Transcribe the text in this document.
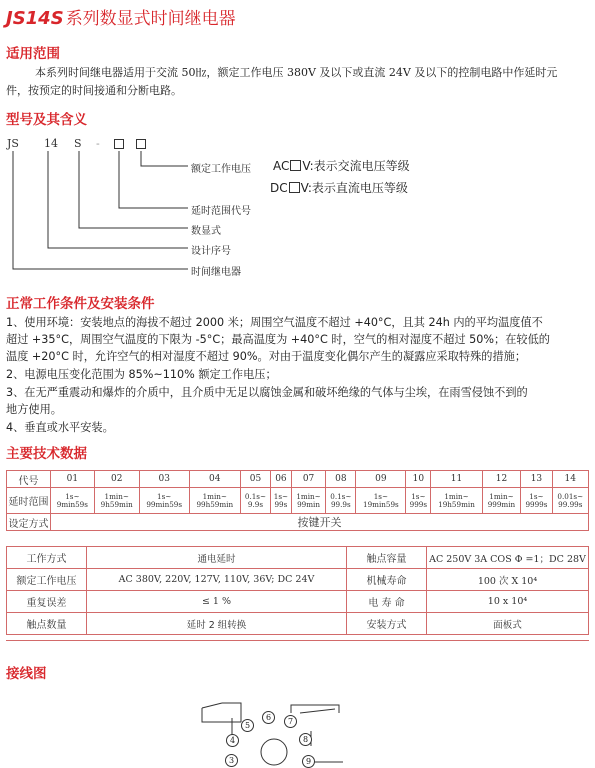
JS14S 系列数显式时间继电器
适用范围
本系列时间继电器适用于交流 50㎐，额定工作电压 380V 及以下或直流 24V 及以下的控制电路中作延时元
件，按预定的时间接通和分断电路。
型号及其含义
JS 14 S -
额定工作电压 AC V:表示交流电压等级
DC V:表示直流电压等级
延时范围代号
数显式
设计序号
时间继电器
正常工作条件及安装条件
1、使用环境：安装地点的海拔不超过 2000 米；周围空气温度不超过 +40°C，且其 24h 内的平均温度值不
超过 +35°C，周围空气温度的下限为 -5°C；最高温度为 +40°C 时，空气的相对湿度不超过 50%；在较低的
温度 +20°C 时，允许空气的相对湿度不超过 90%。对由于温度变化偶尔产生的凝露应采取特殊的措施；
2、电源电压变化范围为 85%~110% 额定工作电压；
3、在无严重震动和爆炸的介质中，且介质中无足以腐蚀金属和破坏绝缘的气体与尘埃，在雨雪侵蚀不到的
地方使用。
4、垂直或水平安装。
主要技术数据
代号	01	02	03	04	05	06	07	08	09	10	11	12	13	14
延时范围	1s~
9min59s	1min~
9h59min	1s~
99min59s	1min~
99h59min	0.1s~
9.9s	1s~
99s	1min~
99min	0.1s~
99.9s	1s~
19min59s	1s~
999s	1min~
19h59min	1min~
999min	1s~
9999s	0.01s~
99.99s

设定方式	按键开关													
工作方式	通电延时	触点容量	AC 250V 3A COS Φ =1；DC 28V
额定工作电压	AC 380V, 220V, 127V, 110V, 36V; DC 24V	机械寿命	100 次 X 10⁴
重复误差	≤ 1 %	电 寿 命	10 x 10⁴
触点数量	延时 2 组转换	安装方式	面板式
接线图
5
6	7
4	8
3	9
